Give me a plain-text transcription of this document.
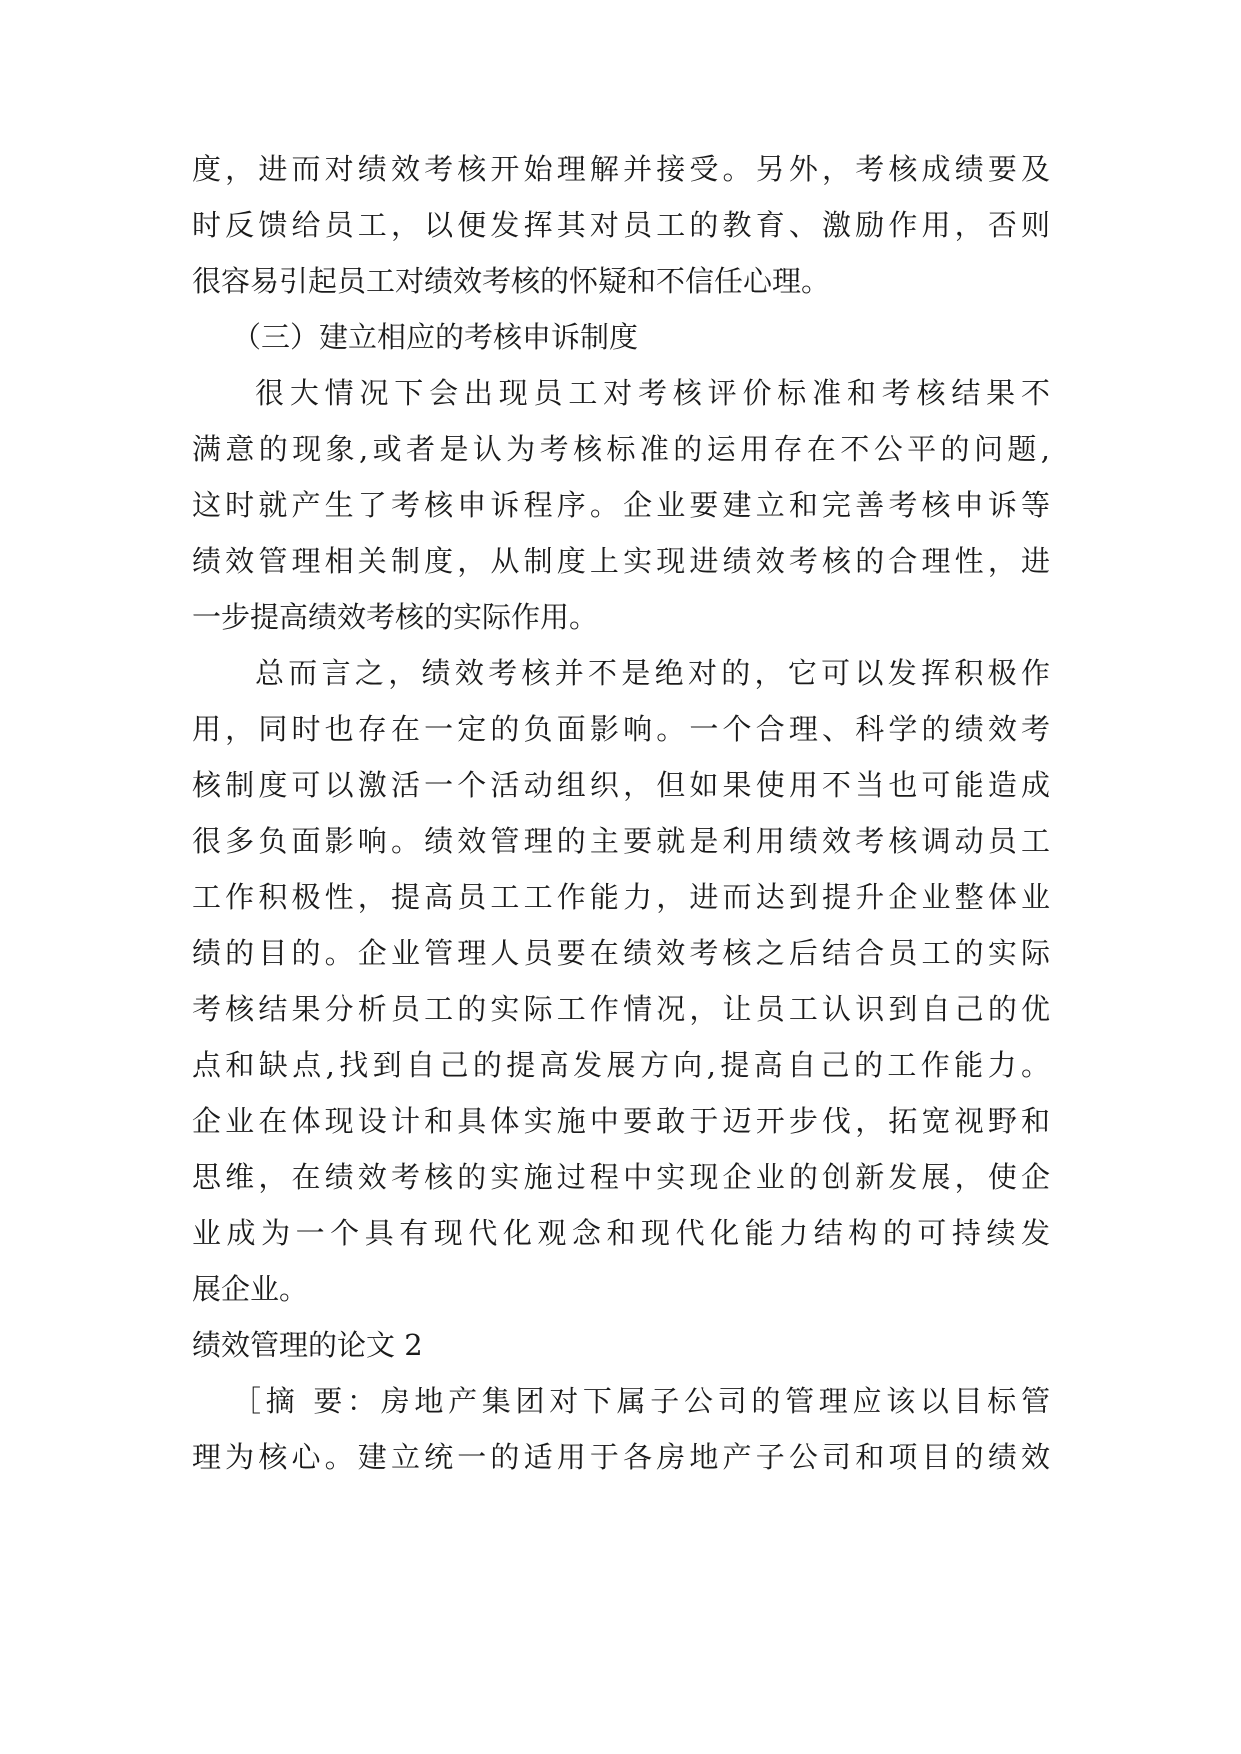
度，进而对绩效考核开始理解并接受。另外，考核成绩要及
时反馈给员工，以便发挥其对员工的教育、激励作用，否则
很容易引起员工对绩效考核的怀疑和不信任心理。
（三）建立相应的考核申诉制度
很大情况下会出现员工对考核评价标准和考核结果不
满意的现象,或者是认为考核标准的运用存在不公平的问题,
这时就产生了考核申诉程序。企业要建立和完善考核申诉等
绩效管理相关制度，从制度上实现进绩效考核的合理性，进
一步提高绩效考核的实际作用。
总而言之，绩效考核并不是绝对的，它可以发挥积极作
用，同时也存在一定的负面影响。一个合理、科学的绩效考
核制度可以激活一个活动组织，但如果使用不当也可能造成
很多负面影响。绩效管理的主要就是利用绩效考核调动员工
工作积极性，提高员工工作能力，进而达到提升企业整体业
绩的目的。企业管理人员要在绩效考核之后结合员工的实际
考核结果分析员工的实际工作情况，让员工认识到自己的优
点和缺点,找到自己的提高发展方向,提高自己的工作能力。
企业在体现设计和具体实施中要敢于迈开步伐，拓宽视野和
思维，在绩效考核的实施过程中实现企业的创新发展，使企
业成为一个具有现代化观念和现代化能力结构的可持续发
展企业。
绩效管理的论文 2
［摘 要：房地产集团对下属子公司的管理应该以目标管
理为核心。建立统一的适用于各房地产子公司和项目的绩效
